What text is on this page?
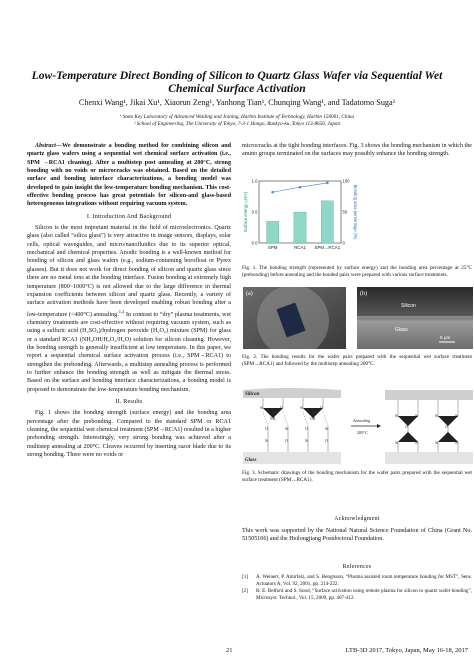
Low-Temperature Direct Bonding of Silicon to Quartz Glass Wafer via Sequential Wet Chemical Surface Activation
Chenxi Wang¹, Jikai Xu¹, Xiaorun Zeng¹, Yanhong Tian¹, Chunqing Wang¹, and Tadatomo Suga²
¹ State Key Laboratory of Advanced Welding and Joining, Harbin Institute of Technology, Harbin 150001, China
² School of Engineering, The University of Tokyo, 7-3-1 Hongo, Bunkyo-ku, Tokyo 113-8656, Japan

Abstract—We demonstrate a bonding method for combining silicon and quartz glass wafers using a sequential wet chemical surface activation (i.e., SPM →RCA1 cleaning). After a multistep post annealing at 200°C, strong bonding with no voids or microcracks was obtained. Based on the detailed surface and bonding interface characterizations, a bonding model was developed to gain insight the low-temperature bonding mechanism. This cost-effective bonding process has great potentials for silicon-and glass-based heterogeneous integrations without requiring vacuum system.

I. Introduction And Background

Silicon is the most important material in the field of microelectronics. Quartz glass (also called “silica glass”) is very attractive in image sensors, displays, solar cells, optical waveguides, and micro/nanofluidics due to its superior optical, mechanical and chemical properties. Anodic bonding is a well-known method for bonding of silicon and glass wafers (e.g., sodium-containing borofloat or Pyrex glasses). But it does not work for direct bonding of silicon and quartz glass since there are no metal ions at the bonding interface. Fusion bonding at extremely high temperature (800~1000°C) is not allowed due to the large difference in thermal expansion coefficients between silicon and quartz glass. Recently, a variety of surface activation methods have been developed enabling robust bonding after a low-temperature (<400°C) annealing.$^{1,2}$ In contrast to “dry” plasma treatments, wet chemistry treatments are cost-effective without requiring vacuum system, such as using a sulfuric acid (H₂SO₄)/hydrogen peroxide (H₂O₂) mixture (SPM) for glass or a standard RCA1 (NH₄OH/H₂O₂/H₂O) solution for silicon cleaning. However, the bonding strength is generally insufficient at low temperature. In this paper, we report a sequential chemical surface activation process (i.e., SPM→RCA1) to strengthen the prebonding. Afterwards, a multistep annealing process is performed to further enhance the bonding strength as well as mitigate the thermal stress. Based on the surface and bonding interface characterizations, a bonding model is proposed to demonstrate the low-temperature bonding mechanism.

II. Results

Fig. 1 shows the bonding strength (surface energy) and the bonding area percentage after the prebonding. Compared to the standard SPM or RCA1 cleaning, the sequential wet chemical treatment (SPM→RCA1) resulted in a higher prebonding strength. Interestingly, very strong bonding was achieved after a multistep annealing at 200°C. Cleaves occurred by inserting razor blade due to its strong bonding. There were no voids or

microcracks at the tight bonding interfaces. Fig. 3 shows the bonding mechanism in which the amino groups terminated on the surfaces may possibly enhance the bonding strength.
SPM	RCA1 SPM→RCA1
0.0
0.5
1.0
0
50
100
Surface energy (J/m²)	Bonding area percentage (%)
Fig. 1. The bonding strength (represented by surface energy) and the bonding area percentage at 25°C (prebonding) before annealing and the bonded pairs were prepared with various surface treatments.
(a)	(b)
Silicon
Glass
5 μm
Fig. 2. The bonding results for the wafer pairs prepared with the sequential wet surface treatment (SPM→RCA1) and followed by the multistep annealing 200°C.
Silicon
Glass
Si	O	Si	O
NH₂	OH
O	Si	O	Si
Si	O	Si	O
Annealing
200°C
Si	Si	Si	Si
O	O
Si	Si	Si	Si
Fig. 3. Schematic drawings of the bonding mechanism for the wafer pairs prepared with the sequential wet surface treatment (SPM→RCA1).
Acknowledgment
This work was supported by the National Natural Science Foundation of China (Grant No. 51505106) and the Heilongjiang Postdoctoral Foundation.
References
[1]	A. Weinert, P. Amirfeiz, and S. Bengtsson, “Plasma assisted room temperature bonding for MST”, Sens. Actuators A, Vol. 92, 2001, pp. 214-222.
[2]	R. E. Belford and S. Sood, “Surface activation using remote plasma for silicon to quartz wafer bonding”, Microsyst. Technol., Vol. 15, 2009, pp. 407-412.
21	LTB-3D 2017, Tokyo, Japan, May 16-18, 2017
